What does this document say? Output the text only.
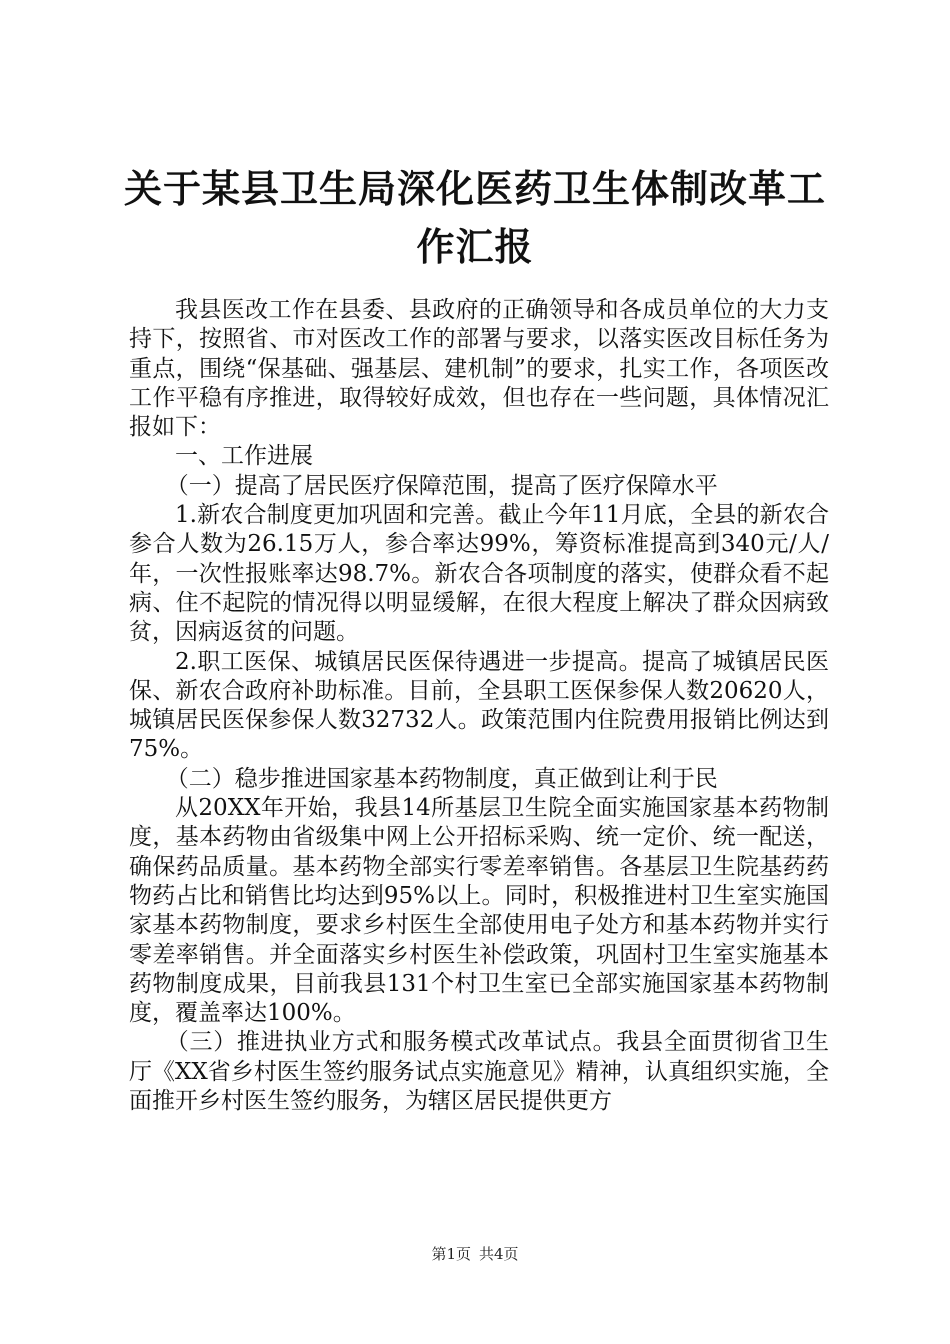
关于某县卫生局深化医药卫生体制改革工作汇报

我县医改工作在县委、县政府的正确领导和各成员单位的大力支持下，按照省、市对医改工作的部署与要求，以落实医改目标任务为重点，围绕“保基础、强基层、建机制”的要求，扎实工作，各项医改工作平稳有序推进，取得较好成效，但也存在一些问题，具体情况汇报如下：

一、工作进展

（一）提高了居民医疗保障范围，提高了医疗保障水平

1.新农合制度更加巩固和完善。截止今年11月底，全县的新农合参合人数为26.15万人，参合率达99%，筹资标准提高到340元/人/年，一次性报账率达98.7%。新农合各项制度的落实，使群众看不起病、住不起院的情况得以明显缓解，在很大程度上解决了群众因病致贫，因病返贫的问题。

2.职工医保、城镇居民医保待遇进一步提高。提高了城镇居民医保、新农合政府补助标准。目前，全县职工医保参保人数20620人，城镇居民医保参保人数32732人。政策范围内住院费用报销比例达到75%。

（二）稳步推进国家基本药物制度，真正做到让利于民

从20XX年开始，我县14所基层卫生院全面实施国家基本药物制度，基本药物由省级集中网上公开招标采购、统一定价、统一配送，确保药品质量。基本药物全部实行零差率销售。各基层卫生院基药药物药占比和销售比均达到95%以上。同时，积极推进村卫生室实施国家基本药物制度，要求乡村医生全部使用电子处方和基本药物并实行零差率销售。并全面落实乡村医生补偿政策，巩固村卫生室实施基本药物制度成果，目前我县131个村卫生室已全部实施国家基本药物制度，覆盖率达100%。

（三）推进执业方式和服务模式改革试点。我县全面贯彻省卫生厅《XX省乡村医生签约服务试点实施意见》精神，认真组织实施，全面推开乡村医生签约服务，为辖区居民提供更方

第1页 共4页
